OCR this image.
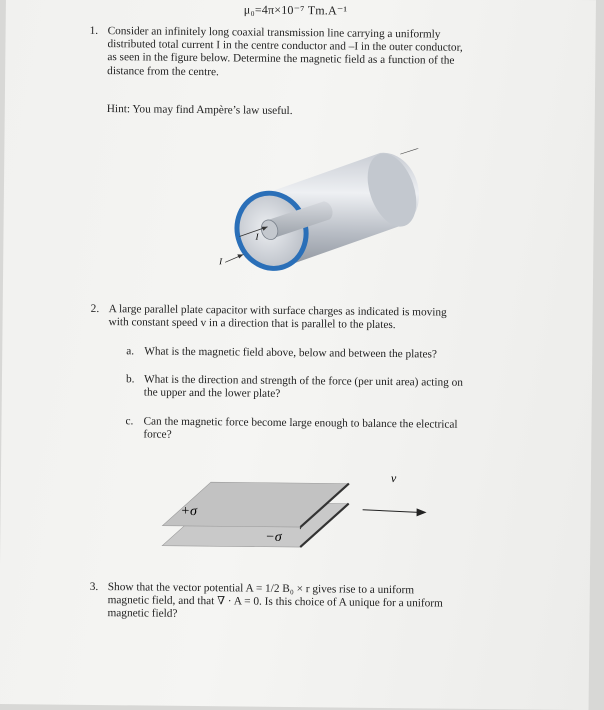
μ₀=4π×10⁻⁷ Tm.A⁻¹
1. Consider an infinitely long coaxial transmission line carrying a uniformly
distributed total current I in the centre conductor and –I in the outer conductor,
as seen in the figure below. Determine the magnetic field as a function of the
distance from the centre.
Hint: You may find Ampère’s law useful.
I
I
2. A large parallel plate capacitor with surface charges as indicated is moving
with constant speed v in a direction that is parallel to the plates.
a. What is the magnetic field above, below and between the plates?
b. What is the direction and strength of the force (per unit area) acting on
the upper and the lower plate?
c. Can the magnetic force become large enough to balance the electrical
force?
+σ
−σ
v
3. Show that the vector potential A = 1/2 B₀ × r gives rise to a uniform
magnetic field, and that ∇ · A = 0. Is this choice of A unique for a uniform
magnetic field?
